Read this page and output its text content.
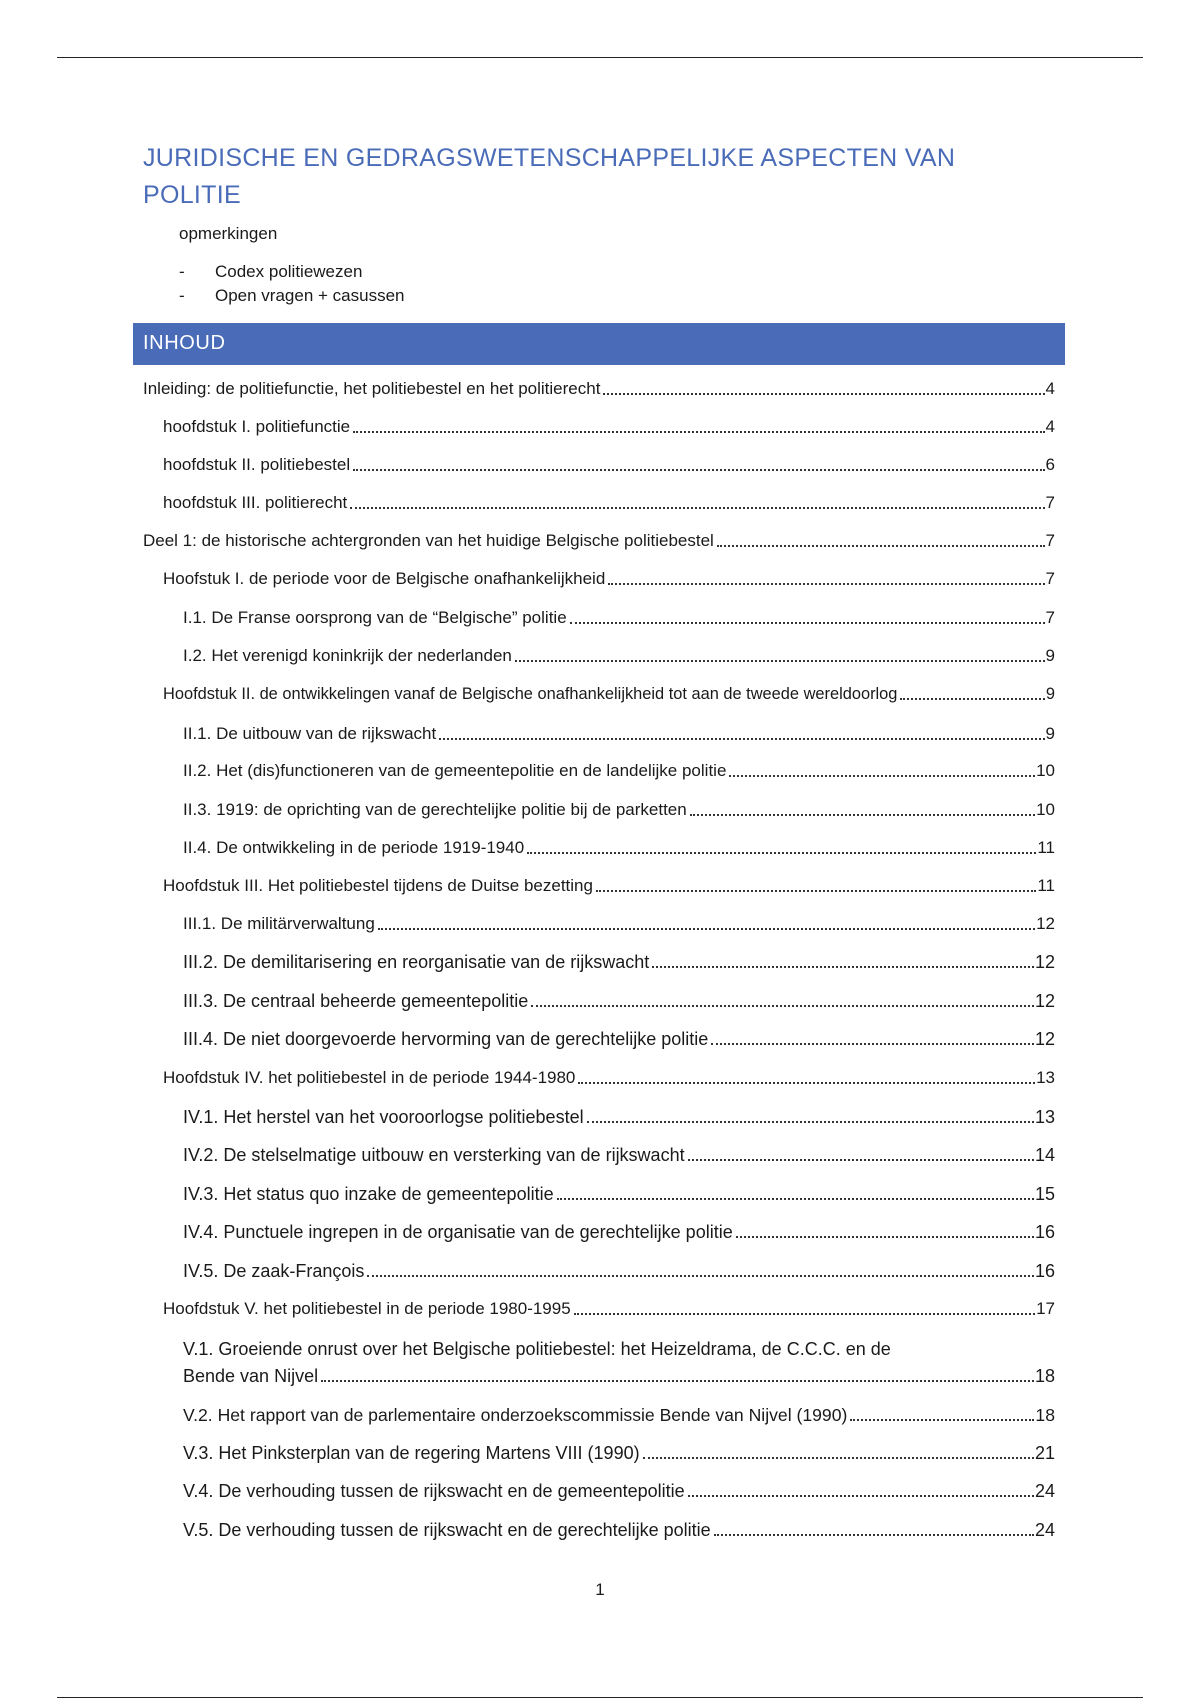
JURIDISCHE EN GEDRAGSWETENSCHAPPELIJKE ASPECTEN VAN POLITIE
opmerkingen
- Codex politiewezen
- Open vragen + casussen
INHOUD
Inleiding: de politiefunctie, het politiebestel en het politierecht	4
hoofdstuk I. politiefunctie	4
hoofdstuk II. politiebestel	6
hoofdstuk III. politierecht	7
Deel 1: de historische achtergronden van het huidige Belgische politiebestel	7
Hoofstuk I. de periode voor de Belgische onafhankelijkheid	7
I.1. De Franse oorsprong van de “Belgische” politie	7
I.2. Het verenigd koninkrijk der nederlanden	9
Hoofdstuk II. de ontwikkelingen vanaf de Belgische onafhankelijkheid tot aan de tweede wereldoorlog	9
II.1. De uitbouw van de rijkswacht	9
II.2. Het (dis)functioneren van de gemeentepolitie en de landelijke politie	10
II.3. 1919: de oprichting van de gerechtelijke politie bij de parketten	10
II.4. De ontwikkeling in de periode 1919-1940	11
Hoofdstuk III. Het politiebestel tijdens de Duitse bezetting	11
III.1. De militärverwaltung	12
III.2. De demilitarisering en reorganisatie van de rijkswacht	12
III.3. De centraal beheerde gemeentepolitie	12
III.4. De niet doorgevoerde hervorming van de gerechtelijke politie	12
Hoofdstuk IV. het politiebestel in de periode 1944-1980	13
IV.1. Het herstel van het vooroorlogse politiebestel	13
IV.2. De stelselmatige uitbouw en versterking van de rijkswacht	14
IV.3. Het status quo inzake de gemeentepolitie	15
IV.4. Punctuele ingrepen in de organisatie van de gerechtelijke politie	16
IV.5. De zaak-François	16
Hoofdstuk V. het politiebestel in de periode 1980-1995	17
V.1. Groeiende onrust over het Belgische politiebestel: het Heizeldrama, de C.C.C. en de
Bende van Nijvel	18
V.2. Het rapport van de parlementaire onderzoekscommissie Bende van Nijvel (1990)	18
V.3. Het Pinksterplan van de regering Martens VIII (1990)	21
V.4. De verhouding tussen de rijkswacht en de gemeentepolitie	24
V.5. De verhouding tussen de rijkswacht en de gerechtelijke politie	24
1
